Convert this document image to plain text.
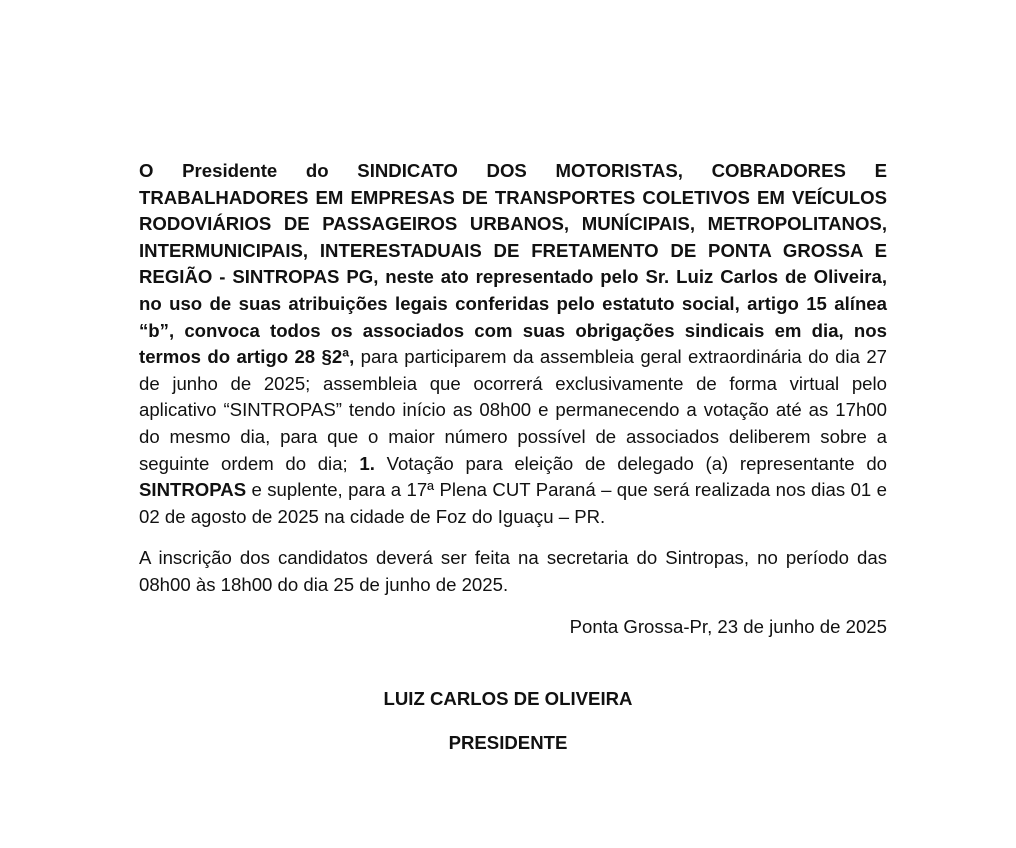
O Presidente do SINDICATO DOS MOTORISTAS, COBRADORES E TRABALHADORES EM EMPRESAS DE TRANSPORTES COLETIVOS EM VEÍCULOS RODOVIÁRIOS DE PASSAGEIROS URBANOS, MUNÍCIPAIS, METROPOLITANOS, INTERMUNICIPAIS, INTERESTADUAIS DE FRETAMENTO DE PONTA GROSSA E REGIÃO - SINTROPAS PG, neste ato representado pelo Sr. Luiz Carlos de Oliveira, no uso de suas atribuições legais conferidas pelo estatuto social, artigo 15 alínea “b”, convoca todos os associados com suas obrigações sindicais em dia, nos termos do artigo 28 §2ª, para participarem da assembleia geral extraordinária do dia 27 de junho de 2025; assembleia que ocorrerá exclusivamente de forma virtual pelo aplicativo “SINTROPAS” tendo início as 08h00 e permanecendo a votação até as 17h00 do mesmo dia, para que o maior número possível de associados deliberem sobre a seguinte ordem do dia; 1. Votação para eleição de delegado (a) representante do SINTROPAS e suplente, para a 17ª Plena CUT Paraná – que será realizada nos dias 01 e 02 de agosto de 2025 na cidade de Foz do Iguaçu – PR.

A inscrição dos candidatos deverá ser feita na secretaria do Sintropas, no período das 08h00 às 18h00 do dia 25 de junho de 2025.

Ponta Grossa-Pr, 23 de junho de 2025

LUIZ CARLOS DE OLIVEIRA
PRESIDENTE
